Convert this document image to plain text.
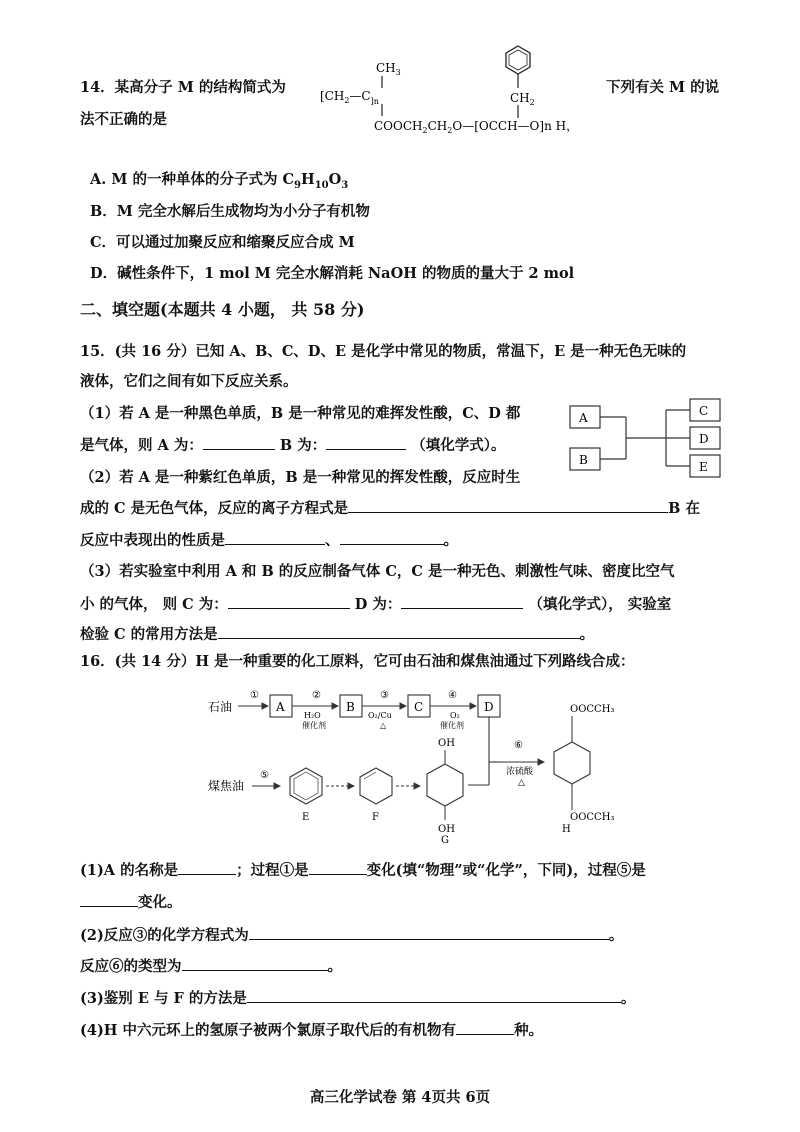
14．某高分子 M 的结构简式为	下列有关 M 的说
法不正确的是
$CH_2$
$CH_3$
[$CH_2—C_{]n}$
$COOCH_2CH_2O—[OCCH—O]n$ H，
A. M 的一种单体的分子式为 $C_9H_{10}O_3$
B．M 完全水解后生成物均为小分子有机物
C．可以通过加聚反应和缩聚反应合成 M
D．碱性条件下，1 mol M 完全水解消耗 NaOH 的物质的量大于 2 mol
二、填空题(本题共 4 小题， 共 58 分)
15．(共 16 分）已知 A、B、C、D、E 是化学中常见的物质，常温下，E 是一种无色无味的
液体，它们之间有如下反应关系。
（1）若 A 是一种黑色单质，B 是一种常见的难挥发性酸，C、D 都
是气体，则 A 为：	B 为：	（填化学式）。
A
B
C
D
E
（2）若 A 是一种紫红色单质，B 是一种常见的挥发性酸，反应时生
成的 C 是无色气体，反应的离子方程式是	B 在
反应中表现出的性质是	、	。
（3）若实验室中利用 A 和 B 的反应制备气体 C，C 是一种无色、刺激性气味、密度比空气
小 的气体， 则 C 为：	D 为：	（填化学式）， 实验室
检验 C 的常用方法是	。
16．(共 14 分）H 是一种重要的化工原料，它可由石油和煤焦油通过下列路线合成：
石油
①
A
②
H₂O
催化剂
B
③
O₂/Cu
△
C
④
O₂
催化剂
D
煤焦油
⑤
E	F
OH
OH
G
⑥
浓硫酸
△
OOCCH₃
OOCCH₃
H
(1)A 的名称是	；过程①是	变化(填“物理”或“化学”，下同)，过程⑤是
变化。
(2)反应③的化学方程式为	。
反应⑥的类型为	。
(3)鉴别 E 与 F 的方法是	。
(4)H 中六元环上的氢原子被两个氯原子取代后的有机物有	种。
高三化学试卷 第 4页共 6页
